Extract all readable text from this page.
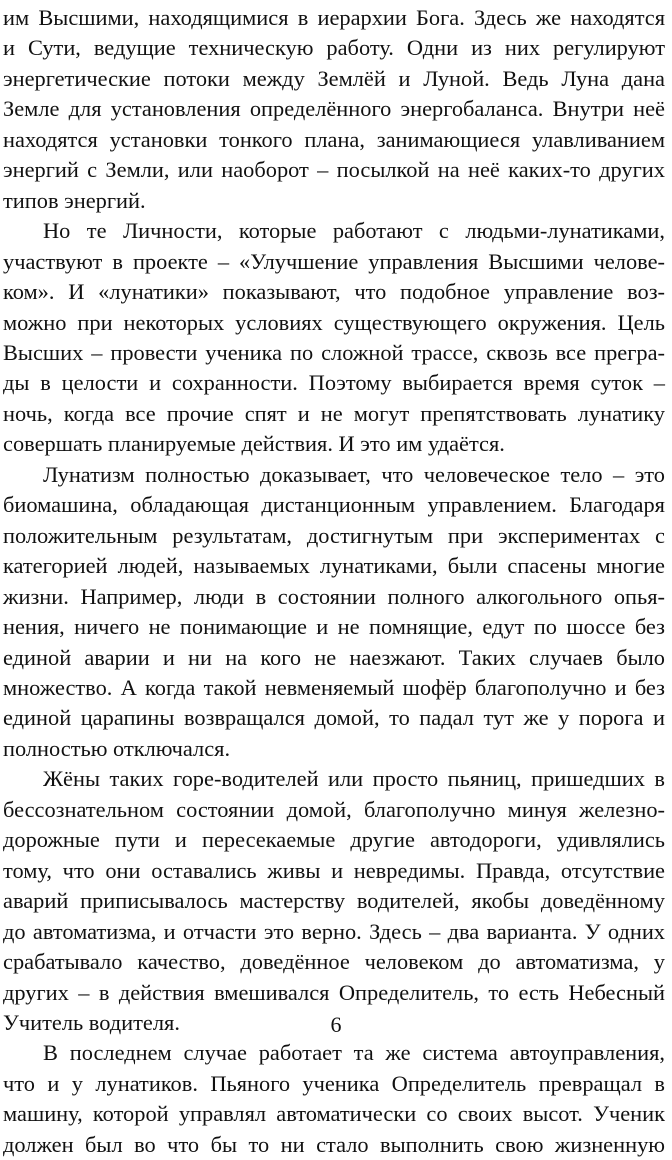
им Высшими, находящимися в иерархии Бога. Здесь же находятся

и Сути, ведущие техническую работу. Одни из них регулируют

энергетические потоки между Землёй и Луной. Ведь Луна дана

Земле для установления определённого энергобаланса. Внутри неё

находятся установки тонкого плана, занимающиеся улавливанием

энергий с Земли, или наоборот – посылкой на неё каких-то других

типов энергий.

Но те Личности, которые работают с людьми-лунатиками,

участвуют в проекте – «Улучшение управления Высшими челове-

ком». И «лунатики» показывают, что подобное управление воз-

можно при некоторых условиях существующего окружения. Цель

Высших – провести ученика по сложной трассе, сквозь все прегра-

ды в целости и сохранности. Поэтому выбирается время суток –

ночь, когда все прочие спят и не могут препятствовать лунатику

совершать планируемые действия. И это им удаётся.

Лунатизм полностью доказывает, что человеческое тело – это

биомашина, обладающая дистанционным управлением. Благодаря

положительным результатам, достигнутым при экспериментах с

категорией людей, называемых лунатиками, были спасены многие

жизни. Например, люди в состоянии полного алкогольного опья-

нения, ничего не понимающие и не помнящие, едут по шоссе без

единой аварии и ни на кого не наезжают. Таких случаев было

множество. А когда такой невменяемый шофёр благополучно и без

единой царапины возвращался домой, то падал тут же у порога и

полностью отключался.

Жёны таких горе-водителей или просто пьяниц, пришедших в

бессознательном состоянии домой, благополучно минуя железно-

дорожные пути и пересекаемые другие автодороги, удивлялись

тому, что они оставались живы и невредимы. Правда, отсутствие

аварий приписывалось мастерству водителей, якобы доведённому

до автоматизма, и отчасти это верно. Здесь – два варианта. У одних

срабатывало качество, доведённое человеком до автоматизма, у

других – в действия вмешивался Определитель, то есть Небесный

Учитель водителя.

В последнем случае работает та же система автоуправления,

что и у лунатиков. Пьяного ученика Определитель превращал в

машину, которой управлял автоматически со своих высот. Ученик

должен был во что бы то ни стало выполнить свою жизненную

6
